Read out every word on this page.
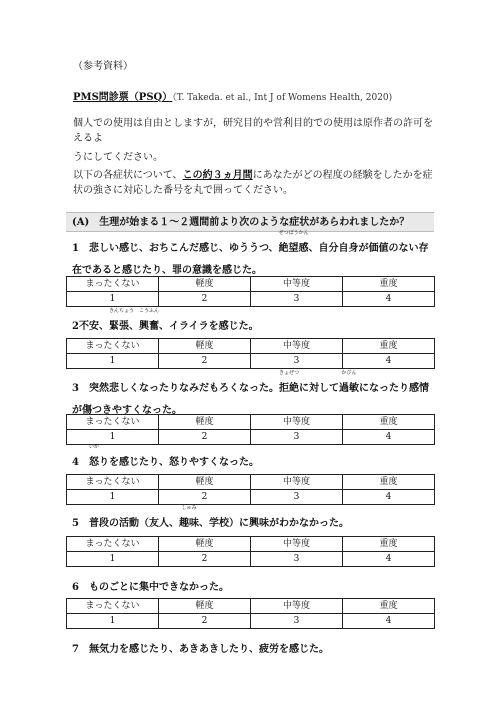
（参考資料）
PMS問診票（PSQ）（T. Takeda. et al., Int J of Womens Health, 2020)
個人での使用は自由としますが，研究目的や営利目的での使用は原作者の許可をえるよ
うにしてください。
以下の各症状について、この約３ヵ月間にあなたがどの程度の経験をしたかを症状の強さに対応した番号を丸で囲ってください。
(A)　生理が始まる１〜２週間前より次のような症状があらわれましたか？
1　悲しい感じ、おちこんだ感じ、ゆううつ、
ぜつぼうかん
絶望感、自分自身が価値のない存在であると感じたり、罪の意識を感じた。
まったくない	軽度	中等度	重度
1	2	3	4
2不安、
きんちょう
緊張、
こうふん
興奮、イライラを感じた。
まったくない	軽度	中等度	重度
1	2	3	4
3　突然悲しくなったりなみだもろくなった。
きょぜつ
拒絶に対して
かびん
過敏になったり感情が傷つきやすくなった。
まったくない	軽度	中等度	重度
1	2	3	4
4　
いか
怒りを感じたり、怒りやすくなった。
まったくない	軽度	中等度	重度
1	2	3	4
5　普段の活動（友人、
しゅみ
趣味、学校）に興味がわかなかった。
まったくない	軽度	中等度	重度
1	2	3	4
6　ものごとに集中できなかった。
まったくない	軽度	中等度	重度
1	2	3	4
7　無気力を感じたり、あきあきしたり、疲労を感じた。
